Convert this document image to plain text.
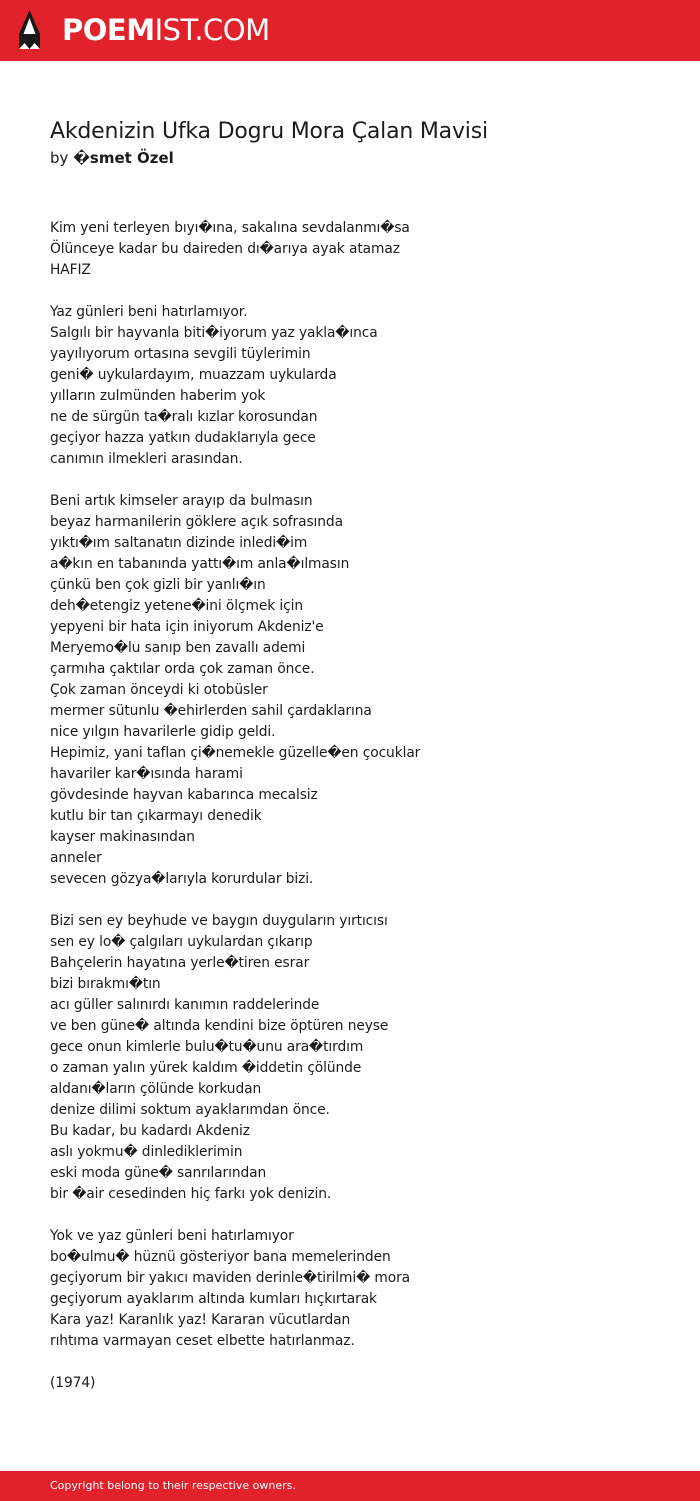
POEMIST.COM
Akdenizin Ufka Dogru Mora Çalan Mavisi
by �smet Özel
Kim yeni terleyen bıyı�ına, sakalına sevdalanmı�sa
Ölünceye kadar bu daireden dı�arıya ayak atamaz
HAFIZ
Yaz günleri beni hatırlamıyor.
Salgılı bir hayvanla biti�iyorum yaz yakla�ınca
yayılıyorum ortasına sevgili tüylerimin
geni� uykulardayım, muazzam uykularda
yılların zulmünden haberim yok
ne de sürgün ta�ralı kızlar korosundan
geçiyor hazza yatkın dudaklarıyla gece
canımın ilmekleri arasından.
Beni artık kimseler arayıp da bulmasın
beyaz harmanilerin göklere açık sofrasında
yıktı�ım saltanatın dizinde inledi�im
a�kın en tabanında yattı�ım anla�ılmasın
çünkü ben çok gizli bir yanlı�ın
deh�etengiz yetene�ini ölçmek için
yepyeni bir hata için iniyorum Akdeniz'e
Meryemo�lu sanıp ben zavallı ademi
çarmıha çaktılar orda çok zaman önce.
Çok zaman önceydi ki otobüsler
mermer sütunlu �ehirlerden sahil çardaklarına
nice yılgın havarilerle gidip geldi.
Hepimiz, yani taflan çi�nemekle güzelle�en çocuklar
havariler kar�ısında harami
gövdesinde hayvan kabarınca mecalsiz
kutlu bir tan çıkarmayı denedik
kayser makinasından
anneler
sevecen gözya�larıyla korurdular bizi.
Bizi sen ey beyhude ve baygın duyguların yırtıcısı
sen ey lo� çalgıları uykulardan çıkarıp
Bahçelerin hayatına yerle�tiren esrar
bizi bırakmı�tın
acı güller salınırdı kanımın raddelerinde
ve ben güne� altında kendini bize öptüren neyse
gece onun kimlerle bulu�tu�unu ara�tırdım
o zaman yalın yürek kaldım �iddetin çölünde
aldanı�ların çölünde korkudan
denize dilimi soktum ayaklarımdan önce.
Bu kadar, bu kadardı Akdeniz
aslı yokmu� dinlediklerimin
eski moda güne� sanrılarından
bir �air cesedinden hiç farkı yok denizin.
Yok ve yaz günleri beni hatırlamıyor
bo�ulmu� hüznü gösteriyor bana memelerinden
geçiyorum bir yakıcı maviden derinle�tirilmi� mora
geçiyorum ayaklarım altında kumları hıçkırtarak
Kara yaz! Karanlık yaz! Kararan vücutlardan
rıhtıma varmayan ceset elbette hatırlanmaz.
(1974)
Copyright belong to their respective owners.
